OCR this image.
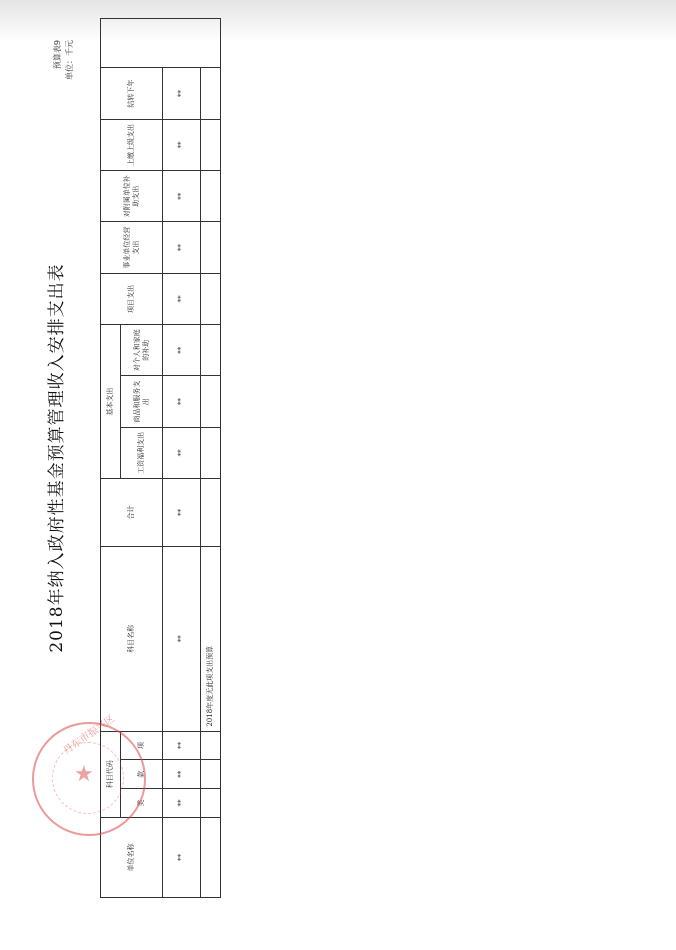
2018年纳入政府性基金预算管理收入安排支出表
预算表9 单位：千元
单位名称	科目代码			科目名称	合计	基本支出			项目支出	事业单位经营支出	对附属单位补助支出	上缴上级支出	结转下年	
	类	款	项			工资福利支出	商品和服务支出	对个人和家庭的补助						

**	**	**	**	**	**	**	**	**	**	**	**	**	**	
				2018年度无此项支出预算										
丹东市振兴区
★
